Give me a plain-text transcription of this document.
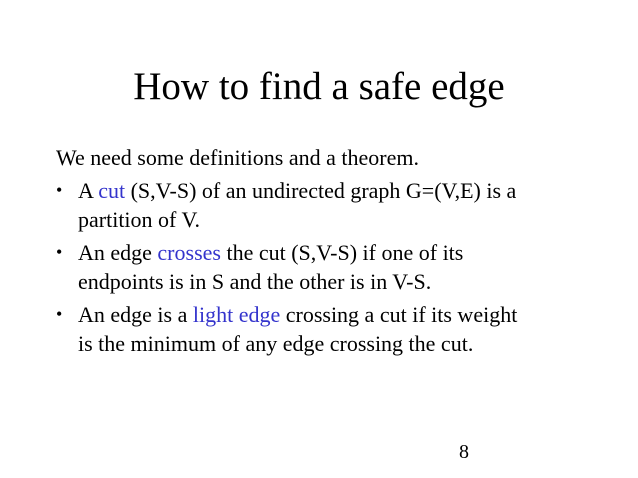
How to find a safe edge
We need some definitions and a theorem.
• A cut (S,V-S) of an undirected graph G=(V,E) is a
partition of V.
• An edge crosses the cut (S,V-S) if one of its
endpoints is in S and the other is in V-S.
• An edge is a light edge crossing a cut if its weight
is the minimum of any edge crossing the cut.
8
